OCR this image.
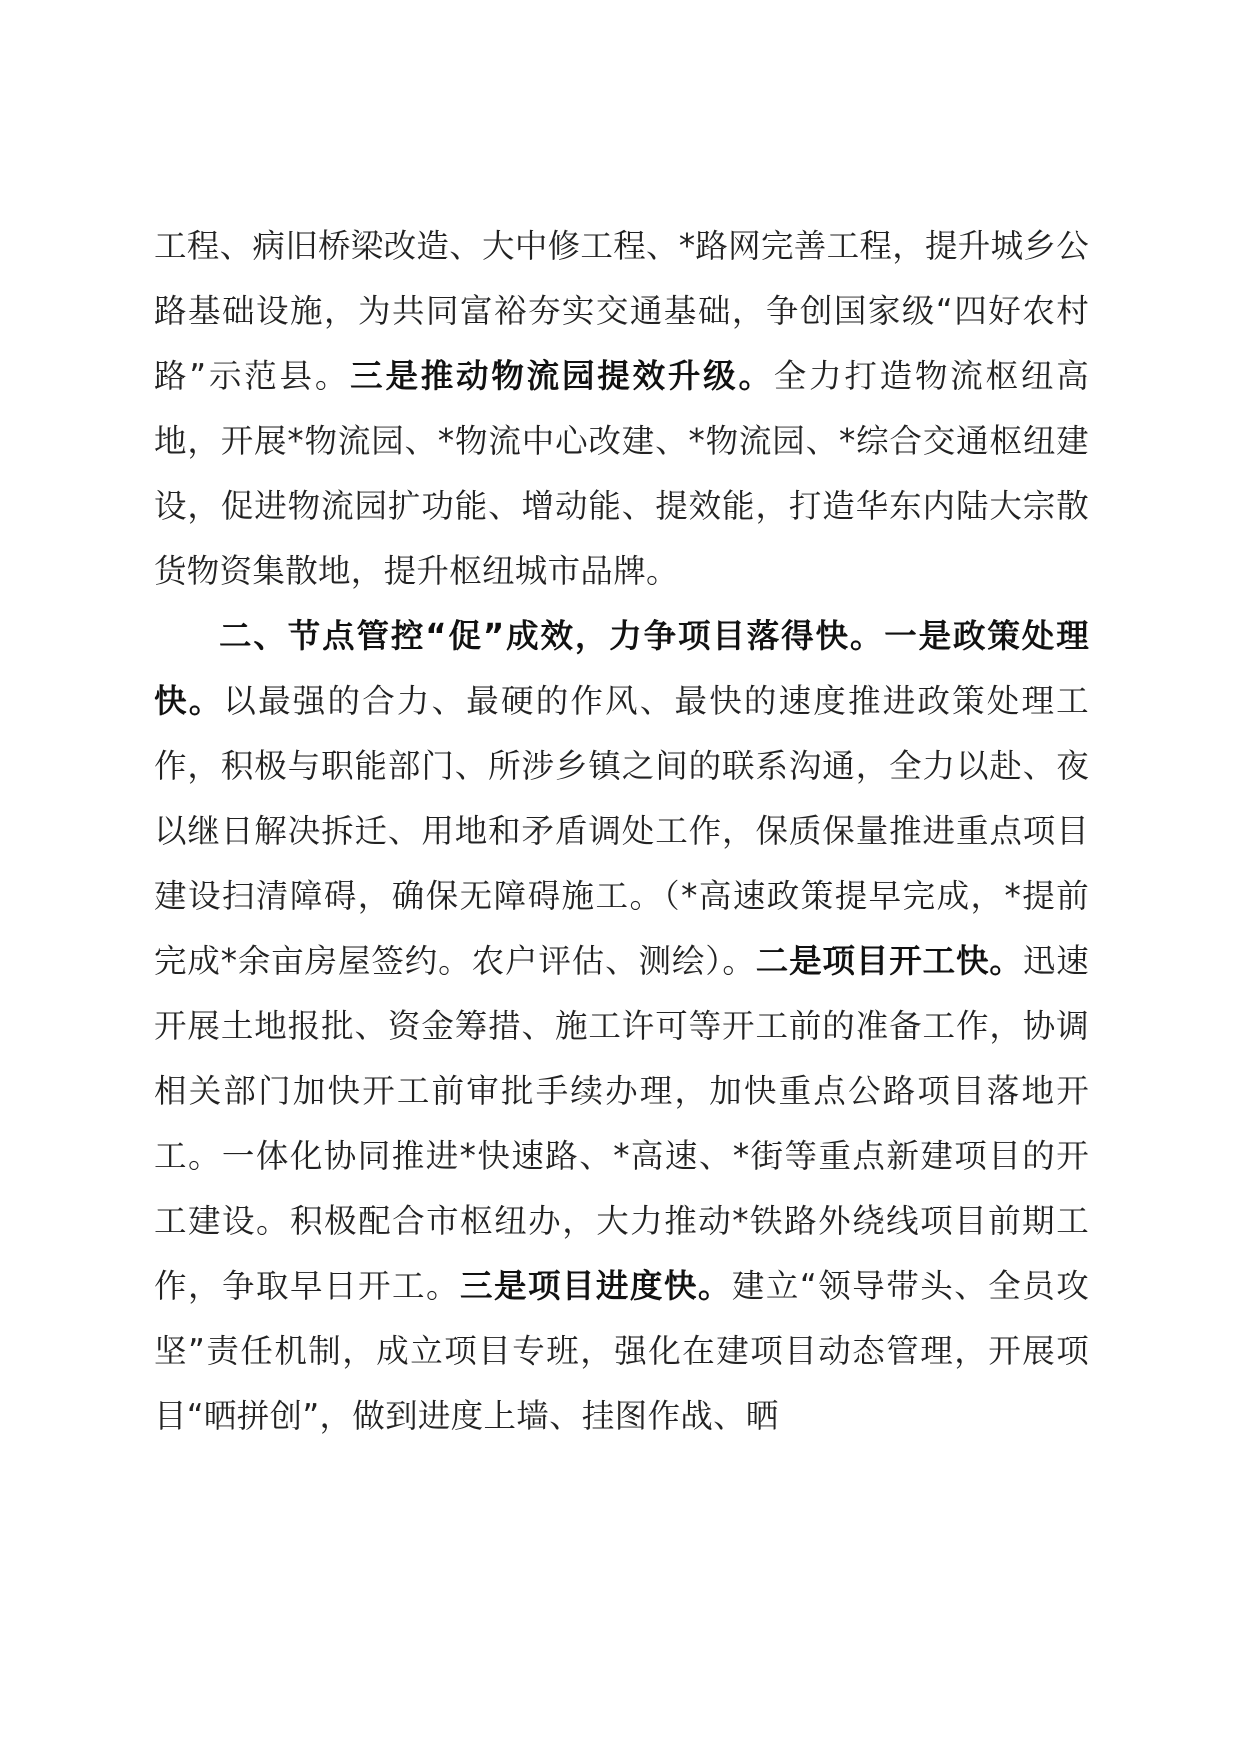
工程、病旧桥梁改造、大中修工程、*路网完善工程，提升城乡公路基础设施，为共同富裕夯实交通基础，争创国家级“四好农村路”示范县。三是推动物流园提效升级。全力打造物流枢纽高地，开展*物流园、*物流中心改建、*物流园、*综合交通枢纽建设，促进物流园扩功能、增动能、提效能，打造华东内陆大宗散货物资集散地，提升枢纽城市品牌。

二、节点管控“促”成效，力争项目落得快。一是政策处理快。以最强的合力、最硬的作风、最快的速度推进政策处理工作，积极与职能部门、所涉乡镇之间的联系沟通，全力以赴、夜以继日解决拆迁、用地和矛盾调处工作，保质保量推进重点项目建设扫清障碍，确保无障碍施工。（*高速政策提早完成，*提前完成*余亩房屋签约。农户评估、测绘）。二是项目开工快。迅速开展土地报批、资金筹措、施工许可等开工前的准备工作，协调相关部门加快开工前审批手续办理，加快重点公路项目落地开工。一体化协同推进*快速路、*高速、*街等重点新建项目的开工建设。积极配合市枢纽办，大力推动*铁路外绕线项目前期工作，争取早日开工。三是项目进度快。建立“领导带头、全员攻坚”责任机制，成立项目专班，强化在建项目动态管理，开展项目“晒拼创”，做到进度上墙、挂图作战、晒
